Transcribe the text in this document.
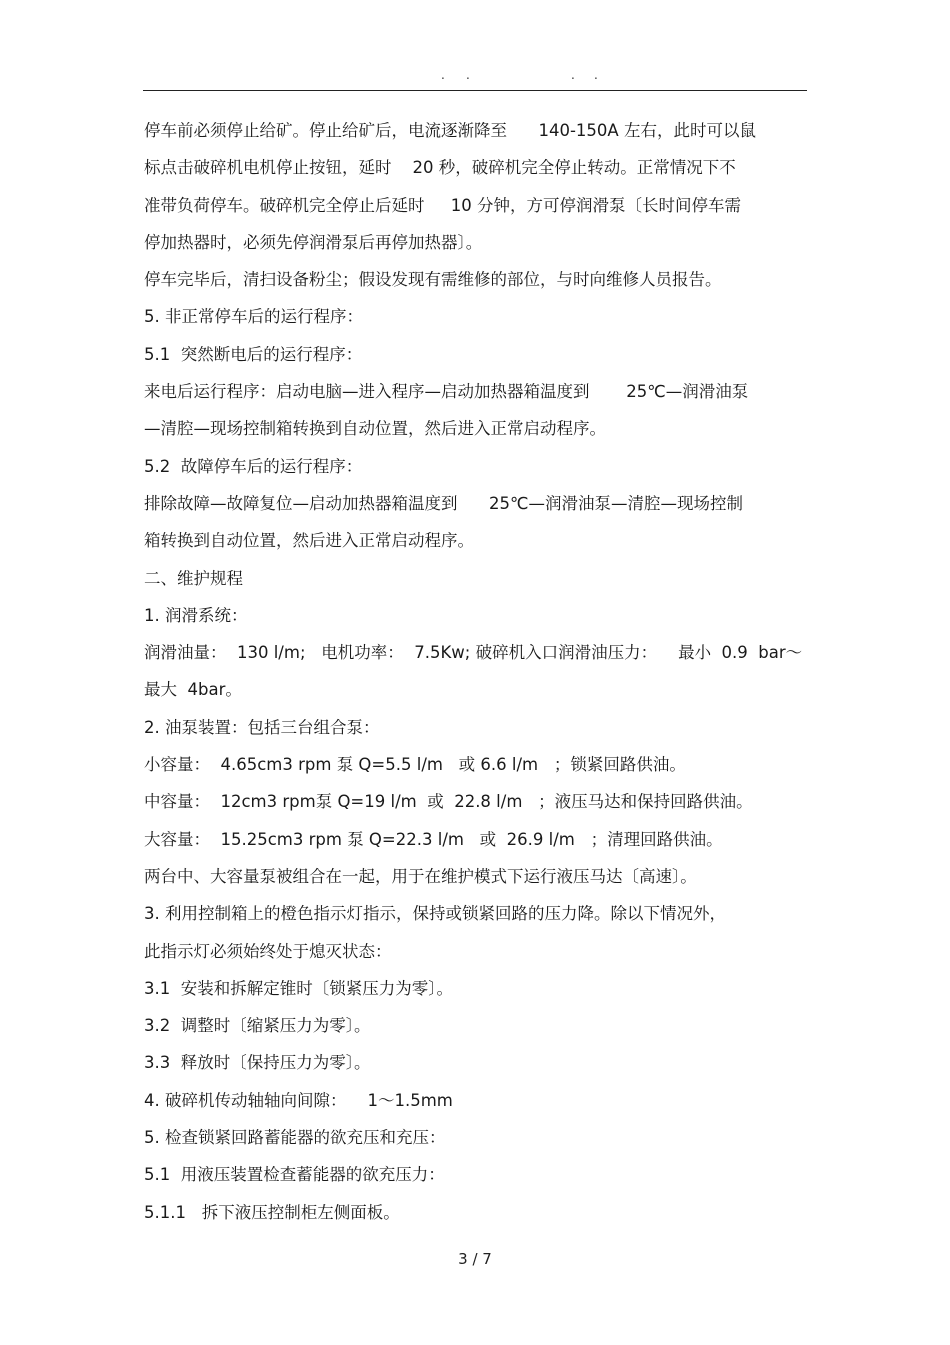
. .	. .
停车前必须停止给矿。停止给矿后，电流逐渐降至      140-150A 左右，此时可以鼠
标点击破碎机电机停止按钮，延时    20 秒，破碎机完全停止转动。正常情况下不
准带负荷停车。破碎机完全停止后延时     10 分钟，方可停润滑泵〔长时间停车需
停加热器时，必须先停润滑泵后再停加热器〕。
停车完毕后，清扫设备粉尘；假设发现有需维修的部位，与时向维修人员报告。
5. 非正常停车后的运行程序：
5.1  突然断电后的运行程序：
来电后运行程序：启动电脑—进入程序—启动加热器箱温度到       25℃—润滑油泵
—清腔—现场控制箱转换到自动位置，然后进入正常启动程序。
5.2  故障停车后的运行程序：
排除故障—故障复位—启动加热器箱温度到      25℃—润滑油泵—清腔—现场控制
箱转换到自动位置，然后进入正常启动程序。
二、维护规程
1. 润滑系统：
润滑油量：  130 l/m;   电机功率：  7.5Kw; 破碎机入口润滑油压力：    最小  0.9  bar～
最大  4bar。
2. 油泵装置：包括三台组合泵：
小容量：  4.65cm3 rpm 泵 Q=5.5 l/m   或 6.6 l/m   ；锁紧回路供油。
中容量：  12cm3 rpm泵 Q=19 l/m  或  22.8 l/m   ；液压马达和保持回路供油。
大容量：  15.25cm3 rpm 泵 Q=22.3 l/m   或  26.9 l/m   ；清理回路供油。
两台中、大容量泵被组合在一起，用于在维护模式下运行液压马达〔高速〕。
3. 利用控制箱上的橙色指示灯指示，保持或锁紧回路的压力降。除以下情况外，
此指示灯必须始终处于熄灭状态：
3.1  安装和拆解定锥时〔锁紧压力为零〕。
3.2  调整时〔缩紧压力为零〕。
3.3  释放时〔保持压力为零〕。
4. 破碎机传动轴轴向间隙：    1～1.5mm
5. 检查锁紧回路蓄能器的欲充压和充压：
5.1  用液压装置检查蓄能器的欲充压力：
5.1.1   拆下液压控制柜左侧面板。
3 / 7
